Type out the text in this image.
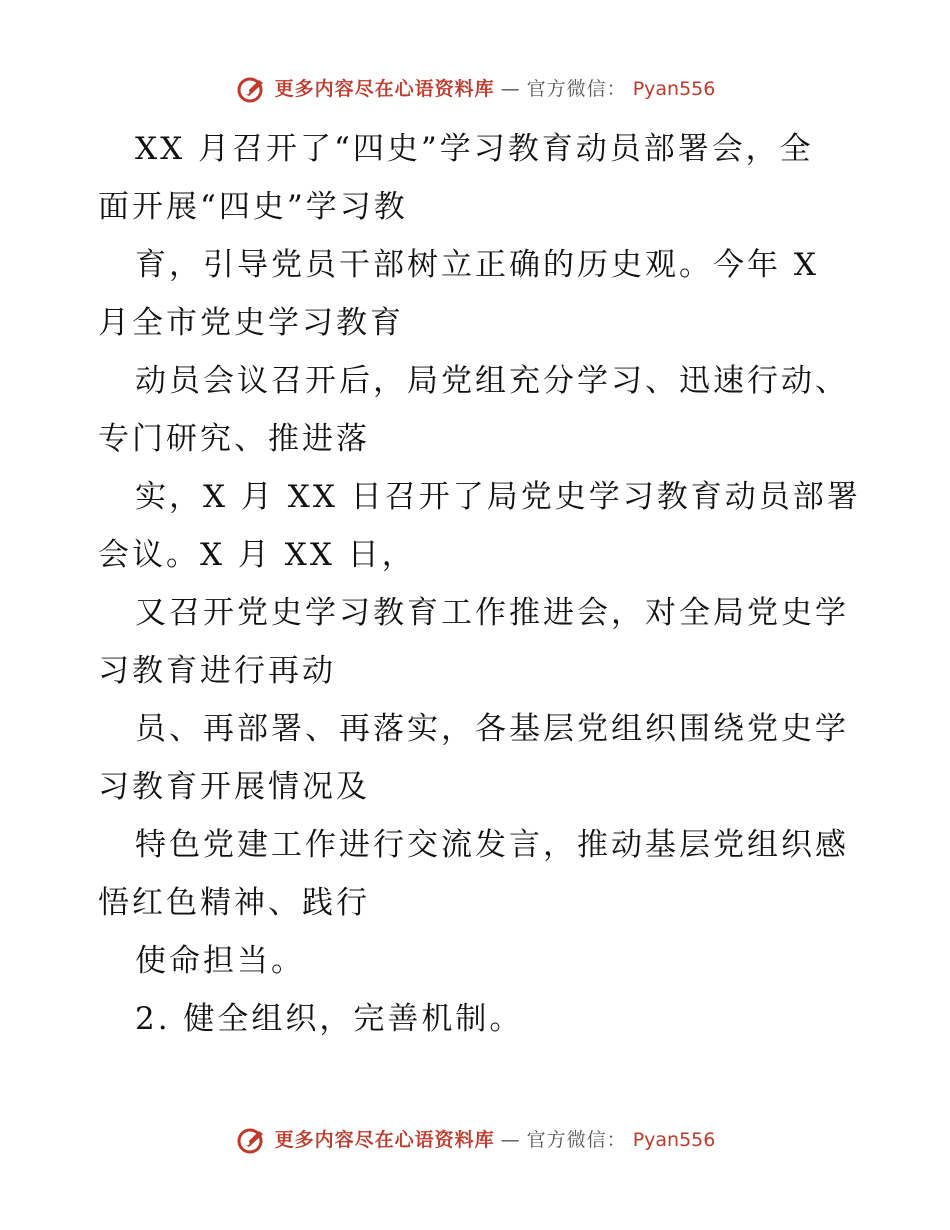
更多内容尽在心语资料库 — 官方微信： Pyan556

XX 月召开了“四史”学习教育动员部署会，全
面开展“四史”学习教

育，引导党员干部树立正确的历史观。今年 X
月全市党史学习教育

动员会议召开后，局党组充分学习、迅速行动、
专门研究、推进落

实，X 月 XX 日召开了局党史学习教育动员部署
会议。X 月 XX 日，

又召开党史学习教育工作推进会，对全局党史学
习教育进行再动

员、再部署、再落实，各基层党组织围绕党史学
习教育开展情况及

特色党建工作进行交流发言，推动基层党组织感
悟红色精神、践行

使命担当。

2. 健全组织，完善机制。

更多内容尽在心语资料库 — 官方微信： Pyan556
